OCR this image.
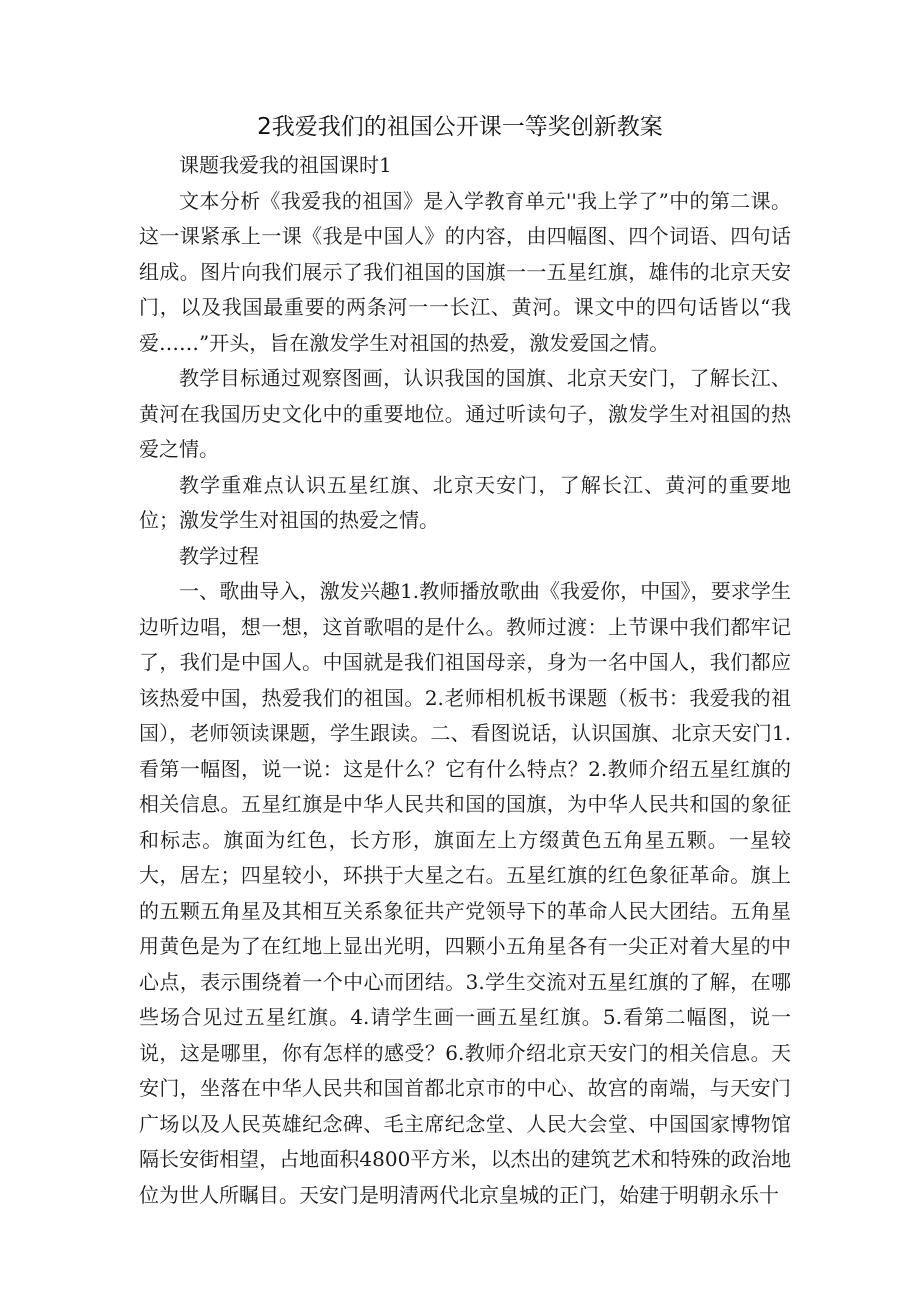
2我爱我们的祖国公开课一等奖创新教案

课题我爱我的祖国课时1

文本分析《我爱我的祖国》是入学教育单元''我上学了”中的第二课。这一课紧承上一课《我是中国人》的内容，由四幅图、四个词语、四句话组成。图片向我们展示了我们祖国的国旗一一五星红旗，雄伟的北京天安门，以及我国最重要的两条河一一长江、黄河。课文中的四句话皆以“我爱……”开头，旨在激发学生对祖国的热爱，激发爱国之情。

教学目标通过观察图画，认识我国的国旗、北京天安门，了解长江、黄河在我国历史文化中的重要地位。通过听读句子，激发学生对祖国的热爱之情。

教学重难点认识五星红旗、北京天安门，了解长江、黄河的重要地位；激发学生对祖国的热爱之情。

教学过程

一、歌曲导入，激发兴趣1.教师播放歌曲《我爱你，中国》，要求学生边听边唱，想一想，这首歌唱的是什么。教师过渡：上节课中我们都牢记了，我们是中国人。中国就是我们祖国母亲，身为一名中国人，我们都应该热爱中国，热爱我们的祖国。2.老师相机板书课题（板书：我爱我的祖国），老师领读课题，学生跟读。二、看图说话，认识国旗、北京天安门1.看第一幅图，说一说：这是什么？它有什么特点？2.教师介绍五星红旗的相关信息。五星红旗是中华人民共和国的国旗，为中华人民共和国的象征和标志。旗面为红色，长方形，旗面左上方缀黄色五角星五颗。一星较大，居左；四星较小，环拱于大星之右。五星红旗的红色象征革命。旗上的五颗五角星及其相互关系象征共产党领导下的革命人民大团结。五角星用黄色是为了在红地上显出光明，四颗小五角星各有一尖正对着大星的中心点，表示围绕着一个中心而团结。3.学生交流对五星红旗的了解，在哪些场合见过五星红旗。4.请学生画一画五星红旗。5.看第二幅图，说一说，这是哪里，你有怎样的感受？6.教师介绍北京天安门的相关信息。天安门，坐落在中华人民共和国首都北京市的中心、故宫的南端，与天安门广场以及人民英雄纪念碑、毛主席纪念堂、人民大会堂、中国国家博物馆隔长安街相望，占地面积4800平方米，以杰出的建筑艺术和特殊的政治地位为世人所瞩目。天安门是明清两代北京皇城的正门，始建于明朝永乐十
